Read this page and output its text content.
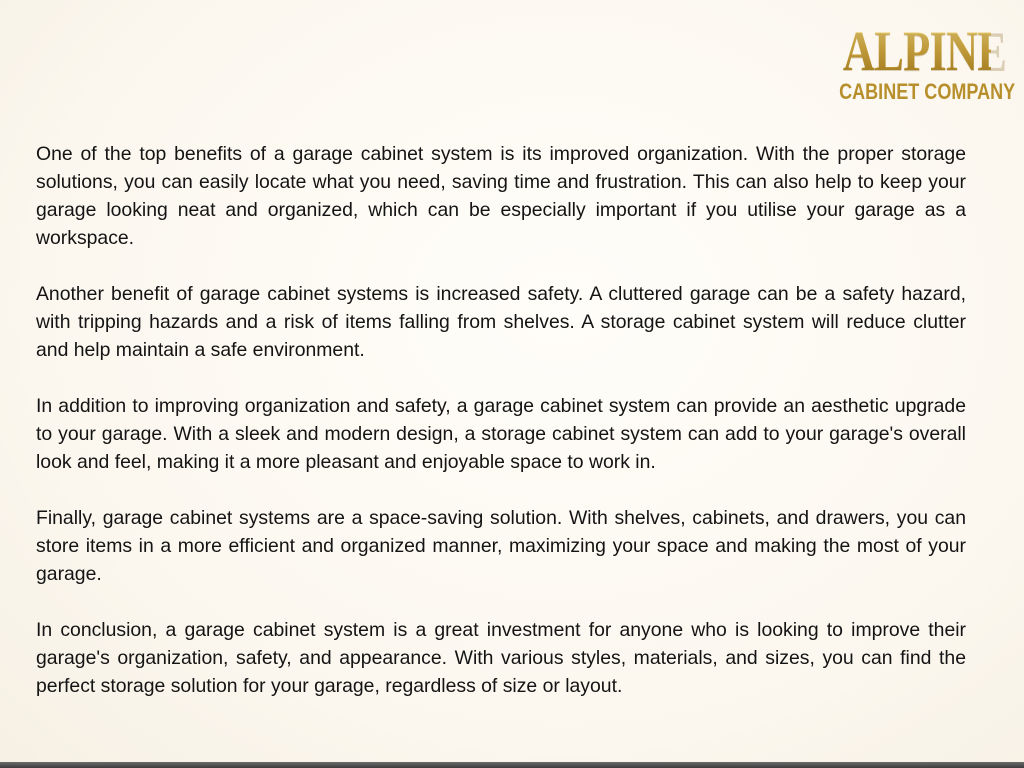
ALPINE
CABINET COMPANY

One of the top benefits of a garage cabinet system is its improved organization. With the proper storage solutions, you can easily locate what you need, saving time and frustration. This can also help to keep your garage looking neat and organized, which can be especially important if you utilise your garage as a workspace.

Another benefit of garage cabinet systems is increased safety. A cluttered garage can be a safety hazard, with tripping hazards and a risk of items falling from shelves. A storage cabinet system will reduce clutter and help maintain a safe environment.

In addition to improving organization and safety, a garage cabinet system can provide an aesthetic upgrade to your garage. With a sleek and modern design, a storage cabinet system can add to your garage's overall look and feel, making it a more pleasant and enjoyable space to work in.

Finally, garage cabinet systems are a space-saving solution. With shelves, cabinets, and drawers, you can store items in a more efficient and organized manner, maximizing your space and making the most of your garage.

In conclusion, a garage cabinet system is a great investment for anyone who is looking to improve their garage's organization, safety, and appearance. With various styles, materials, and sizes, you can find the perfect storage solution for your garage, regardless of size or layout.
